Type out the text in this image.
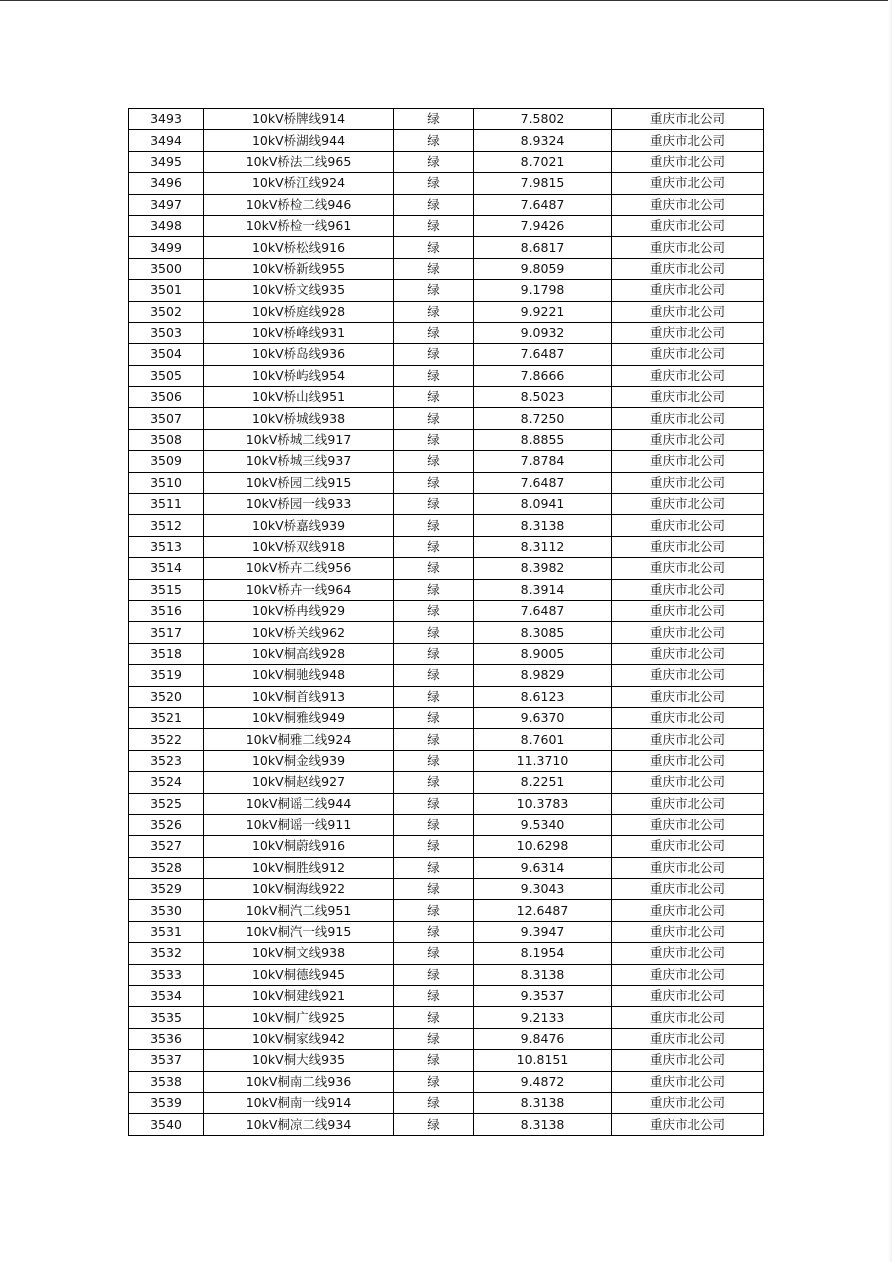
3493	10kV桥牌线914	绿	7.5802	重庆市北公司
3494	10kV桥湖线944	绿	8.9324	重庆市北公司
3495	10kV桥法二线965	绿	8.7021	重庆市北公司
3496	10kV桥江线924	绿	7.9815	重庆市北公司
3497	10kV桥检二线946	绿	7.6487	重庆市北公司
3498	10kV桥检一线961	绿	7.9426	重庆市北公司
3499	10kV桥松线916	绿	8.6817	重庆市北公司
3500	10kV桥新线955	绿	9.8059	重庆市北公司
3501	10kV桥文线935	绿	9.1798	重庆市北公司
3502	10kV桥庭线928	绿	9.9221	重庆市北公司
3503	10kV桥峰线931	绿	9.0932	重庆市北公司
3504	10kV桥岛线936	绿	7.6487	重庆市北公司
3505	10kV桥屿线954	绿	7.8666	重庆市北公司
3506	10kV桥山线951	绿	8.5023	重庆市北公司
3507	10kV桥城线938	绿	8.7250	重庆市北公司
3508	10kV桥城二线917	绿	8.8855	重庆市北公司
3509	10kV桥城三线937	绿	7.8784	重庆市北公司
3510	10kV桥园二线915	绿	7.6487	重庆市北公司
3511	10kV桥园一线933	绿	8.0941	重庆市北公司
3512	10kV桥嘉线939	绿	8.3138	重庆市北公司
3513	10kV桥双线918	绿	8.3112	重庆市北公司
3514	10kV桥卉二线956	绿	8.3982	重庆市北公司
3515	10kV桥卉一线964	绿	8.3914	重庆市北公司
3516	10kV桥冉线929	绿	7.6487	重庆市北公司
3517	10kV桥关线962	绿	8.3085	重庆市北公司
3518	10kV桐高线928	绿	8.9005	重庆市北公司
3519	10kV桐驰线948	绿	8.9829	重庆市北公司
3520	10kV桐首线913	绿	8.6123	重庆市北公司
3521	10kV桐雅线949	绿	9.6370	重庆市北公司
3522	10kV桐雅二线924	绿	8.7601	重庆市北公司
3523	10kV桐金线939	绿	11.3710	重庆市北公司
3524	10kV桐赵线927	绿	8.2251	重庆市北公司
3525	10kV桐谣二线944	绿	10.3783	重庆市北公司
3526	10kV桐谣一线911	绿	9.5340	重庆市北公司
3527	10kV桐蔚线916	绿	10.6298	重庆市北公司
3528	10kV桐胜线912	绿	9.6314	重庆市北公司
3529	10kV桐海线922	绿	9.3043	重庆市北公司
3530	10kV桐汽二线951	绿	12.6487	重庆市北公司
3531	10kV桐汽一线915	绿	9.3947	重庆市北公司
3532	10kV桐文线938	绿	8.1954	重庆市北公司
3533	10kV桐德线945	绿	8.3138	重庆市北公司
3534	10kV桐建线921	绿	9.3537	重庆市北公司
3535	10kV桐广线925	绿	9.2133	重庆市北公司
3536	10kV桐家线942	绿	9.8476	重庆市北公司
3537	10kV桐大线935	绿	10.8151	重庆市北公司
3538	10kV桐南二线936	绿	9.4872	重庆市北公司
3539	10kV桐南一线914	绿	8.3138	重庆市北公司
3540	10kV桐凉二线934	绿	8.3138	重庆市北公司
